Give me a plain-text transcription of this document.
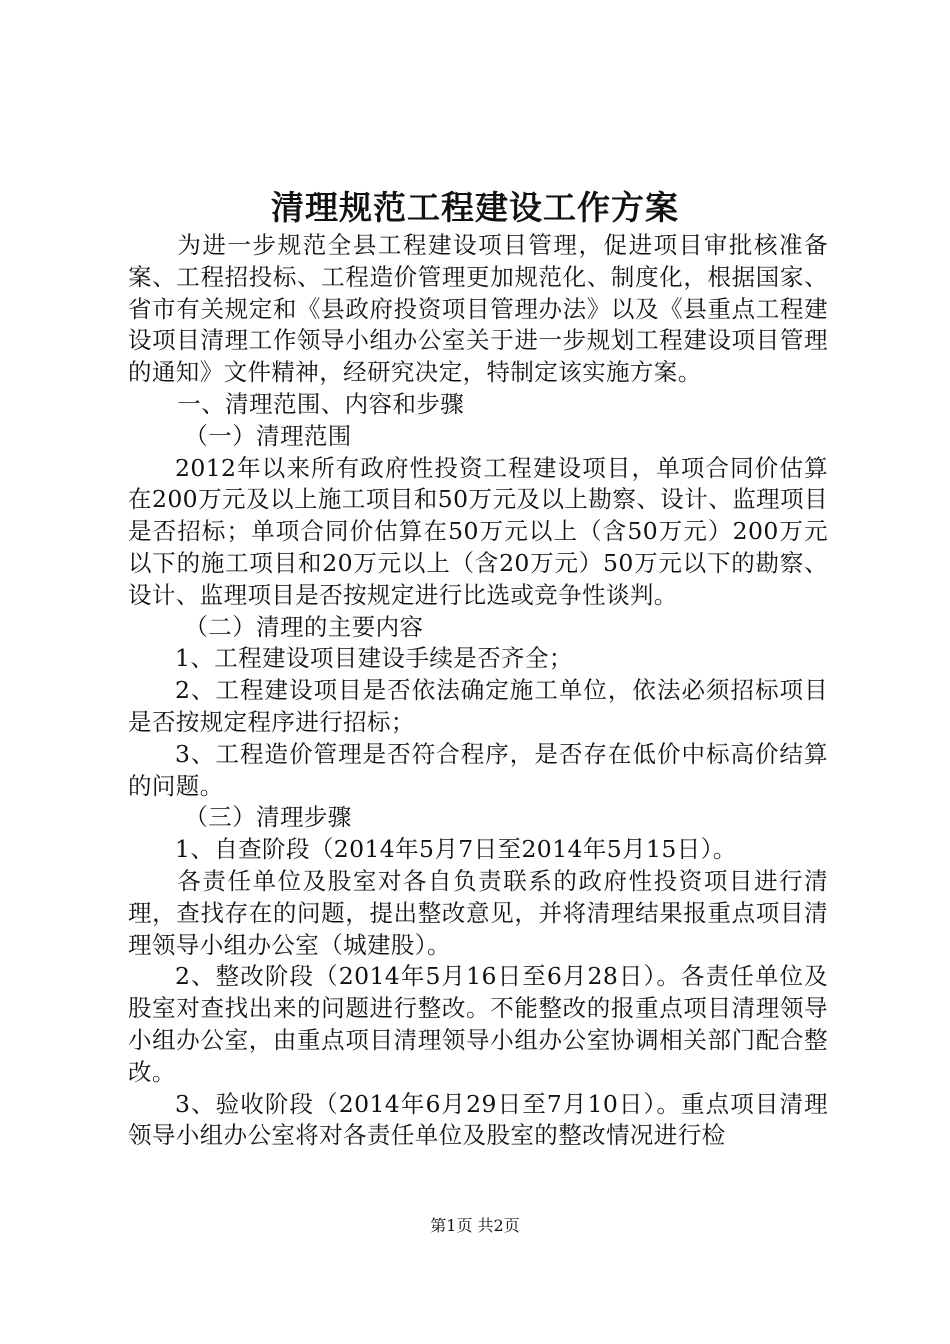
清理规范工程建设工作方案

为进一步规范全县工程建设项目管理，促进项目审批核准备案、工程招投标、工程造价管理更加规范化、制度化，根据国家、省市有关规定和《县政府投资项目管理办法》以及《县重点工程建设项目清理工作领导小组办公室关于进一步规划工程建设项目管理的通知》文件精神，经研究决定，特制定该实施方案。

一、清理范围、内容和步骤

（一）清理范围

2012年以来所有政府性投资工程建设项目，单项合同价估算在200万元及以上施工项目和50万元及以上勘察、设计、监理项目是否招标；单项合同价估算在50万元以上（含50万元）200万元以下的施工项目和20万元以上（含20万元）50万元以下的勘察、设计、监理项目是否按规定进行比选或竞争性谈判。

（二）清理的主要内容

1、工程建设项目建设手续是否齐全；

2、工程建设项目是否依法确定施工单位，依法必须招标项目是否按规定程序进行招标；

3、工程造价管理是否符合程序，是否存在低价中标高价结算的问题。

（三）清理步骤

1、自查阶段（2014年5月7日至2014年5月15日）。

各责任单位及股室对各自负责联系的政府性投资项目进行清理，查找存在的问题，提出整改意见，并将清理结果报重点项目清理领导小组办公室（城建股）。

2、整改阶段（2014年5月16日至6月28日）。各责任单位及股室对查找出来的问题进行整改。不能整改的报重点项目清理领导小组办公室，由重点项目清理领导小组办公室协调相关部门配合整改。

3、验收阶段（2014年6月29日至7月10日）。重点项目清理领导小组办公室将对各责任单位及股室的整改情况进行检

第1页 共2页
